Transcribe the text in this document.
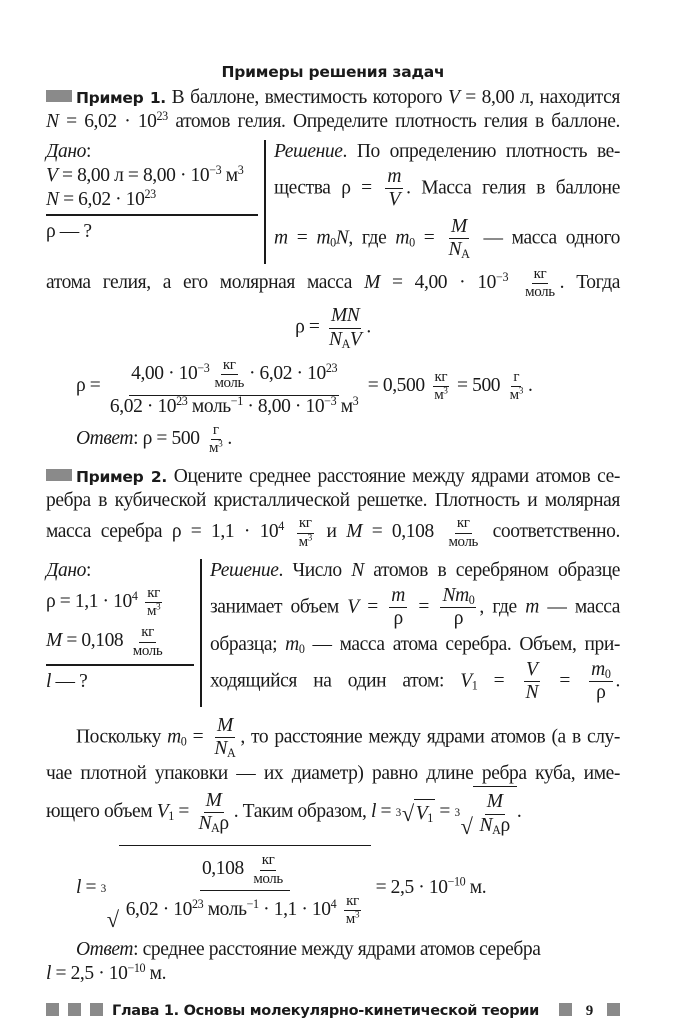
Примеры решения задач
Пример 1. В баллоне, вместимость которого V = 8,00 л, находится
$N = 6,02 \cdot 10^{23}$ атомов гелия. Определите плотность гелия в баллоне.
Дано:
V = 8,00 $л = 8,00 \cdot 10^{-3}$ $м^3$
$N = 6,02 \cdot 10^{23}$
ρ — ?
Решение. По определению плотность ве-
щества $\rho = \frac{m}{V}$ . Масса гелия в баллоне
$m = m_0N$, где $m_0 = \frac{M}{N_A}$ — масса одного
атома гелия, а его молярная масса $M = 4,00 \cdot 10^{-3} \frac{кг}{\text{моль}}$ . Тогда
$\rho = \frac{MN}{N_AV}$ .
$\rho = \frac{4,00 \cdot 10^{-3} \frac{кг}{\text{моль}} \cdot 6,02 \cdot 10^{23}}{6,02 \cdot 10^{23} моль^{-1} \cdot 8,00 \cdot 10^{-3} м^3} = 0,500 \frac{кг}{м^3} = 500 \frac{г}{м^3}$ .
Ответ: $\rho = 500 \frac{г}{м^3}$ .
Пример 2. Оцените среднее расстояние между ядрами атомов се-
ребра в кубической кристаллической решетке. Плотность и молярная
масса серебра $\rho = 1,1 \cdot 10^4 \frac{кг}{м^3}$ и $M = 0,108 \frac{кг}{\text{моль}}$ соответственно.
Дано:
$\rho = 1,1 \cdot 10^4 \frac{кг}{м^3}$
$M = 0,108 \frac{кг}{\text{моль}}$
l — ?
Решение. Число N атомов в серебряном образце
занимает объем $V = \frac{m}{\rho} = \frac{Nm_0}{\rho}$ , где m — масса
образца; $m_0$ — масса атома серебра. Объем, при-
ходящийся на один атом: $V_1 = \frac{V}{N} = \frac{m_0}{\rho}$ .
Поскольку $m_0 = \frac{M}{N_A}$ , то расстояние между ядрами атомов (а в слу-
чае плотной упаковки — их диаметр) равно длине ребра куба, име-
ющего объем $V_1 = \frac{M}{N_A\rho}$ . Таким образом, l = 3 √ $V_1 = 3$
√ $\frac{M}{N_A\rho}$ .
l = 3
√ $\frac{0,108 \frac{кг}{\text{моль}}}{6,02 \cdot 10^{23} моль^{-1} \cdot 1,1 \cdot 10^4 \frac{кг}{м^3}} = 2,5 \cdot 10^{-10}$ м.
Ответ: среднее расстояние между ядрами атомов серебра
$l = 2,5 \cdot 10^{-10}$ м.
Глава 1. Основы молекулярно-кинетической теории	9
